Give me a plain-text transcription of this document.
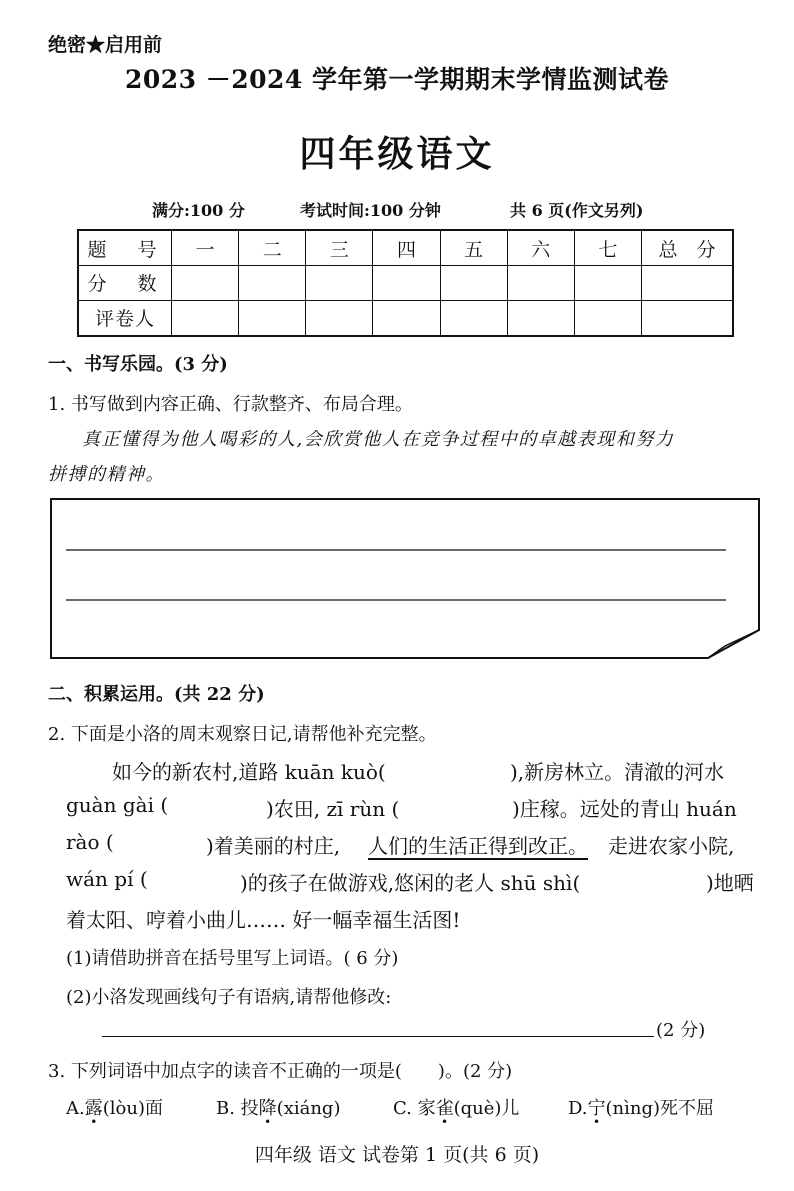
绝密★启用前
2023 －2024 学年第一学期期末学情监测试卷
四年级语文
满分:100 分	考试时间:100 分钟	共 6 页(作文另列)
题　号	一	二	三	四	五	六	七	总　分
分　数								
评卷人								
一、书写乐园。(3 分)
1. 书写做到内容正确、行款整齐、布局合理。
真正懂得为他人喝彩的人,会欣赏他人在竞争过程中的卓越表现和努力
拼搏的精神。
二、积累运用。(共 22 分)
2. 下面是小洛的周末观察日记,请帮他补充完整。
如今的新农村,道路 kuān kuò(	),新房林立。清澈的河水
guàn gài (	)农田, zī rùn (	)庄稼。远处的青山 huán
rào (	)着美丽的村庄, 人们的生活正得到改正。 走进农家小院,
wán pí (	)的孩子在做游戏,悠闲的老人 shū shì(	)地晒
着太阳、哼着小曲儿…… 好一幅幸福生活图!
(1)请借助拼音在括号里写上词语。( 6 分)
(2)小洛发现画线句子有语病,请帮他修改:
(2 分)
3. 下列词语中加点字的读音不正确的一项是(　　)。(2 分)
A.露(lòu)面	B. 投降(xiáng)	C. 家雀(què)儿	D.宁(nìng)死不屈
四年级 语文 试卷第 1 页(共 6 页)
